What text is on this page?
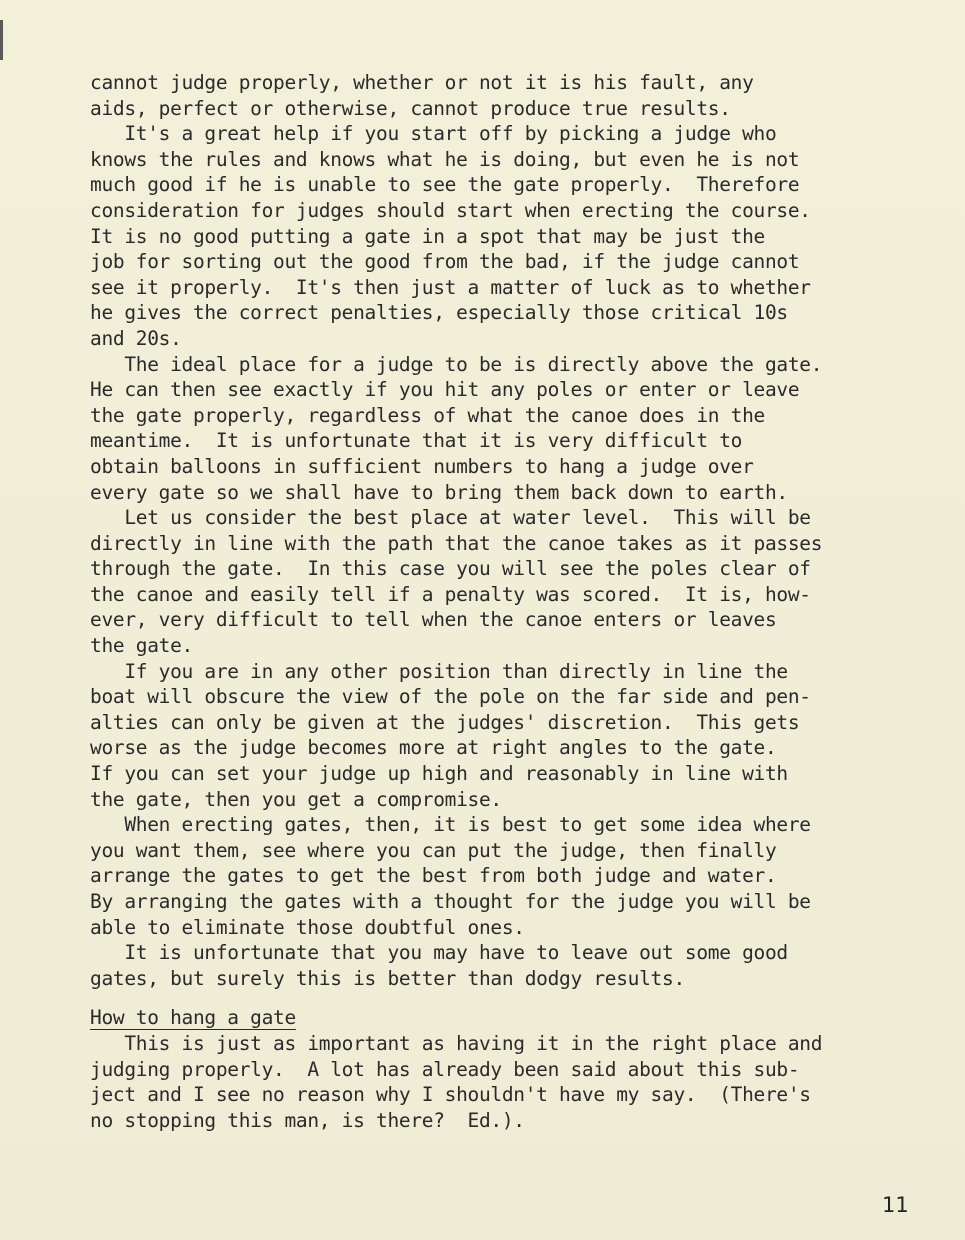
cannot judge properly, whether or not it is his fault, any
aids, perfect or otherwise, cannot produce true results.
It's a great help if you start off by picking a judge who
knows the rules and knows what he is doing, but even he is not
much good if he is unable to see the gate properly.  Therefore
consideration for judges should start when erecting the course.
It is no good putting a gate in a spot that may be just the
job for sorting out the good from the bad, if the judge cannot
see it properly.  It's then just a matter of luck as to whether
he gives the correct penalties, especially those critical 10s
and 20s.
The ideal place for a judge to be is directly above the gate.
He can then see exactly if you hit any poles or enter or leave
the gate properly, regardless of what the canoe does in the
meantime.  It is unfortunate that it is very difficult to
obtain balloons in sufficient numbers to hang a judge over
every gate so we shall have to bring them back down to earth.
Let us consider the best place at water level.  This will be
directly in line with the path that the canoe takes as it passes
through the gate.  In this case you will see the poles clear of
the canoe and easily tell if a penalty was scored.  It is, how-
ever, very difficult to tell when the canoe enters or leaves
the gate.
If you are in any other position than directly in line the
boat will obscure the view of the pole on the far side and pen-
alties can only be given at the judges' discretion.  This gets
worse as the judge becomes more at right angles to the gate.
If you can set your judge up high and reasonably in line with
the gate, then you get a compromise.
When erecting gates, then, it is best to get some idea where
you want them, see where you can put the judge, then finally
arrange the gates to get the best from both judge and water.
By arranging the gates with a thought for the judge you will be
able to eliminate those doubtful ones.
It is unfortunate that you may have to leave out some good
gates, but surely this is better than dodgy results.
How to hang a gate
This is just as important as having it in the right place and
judging properly.  A lot has already been said about this sub-
ject and I see no reason why I shouldn't have my say.  (There's
no stopping this man, is there?  Ed.).
11
